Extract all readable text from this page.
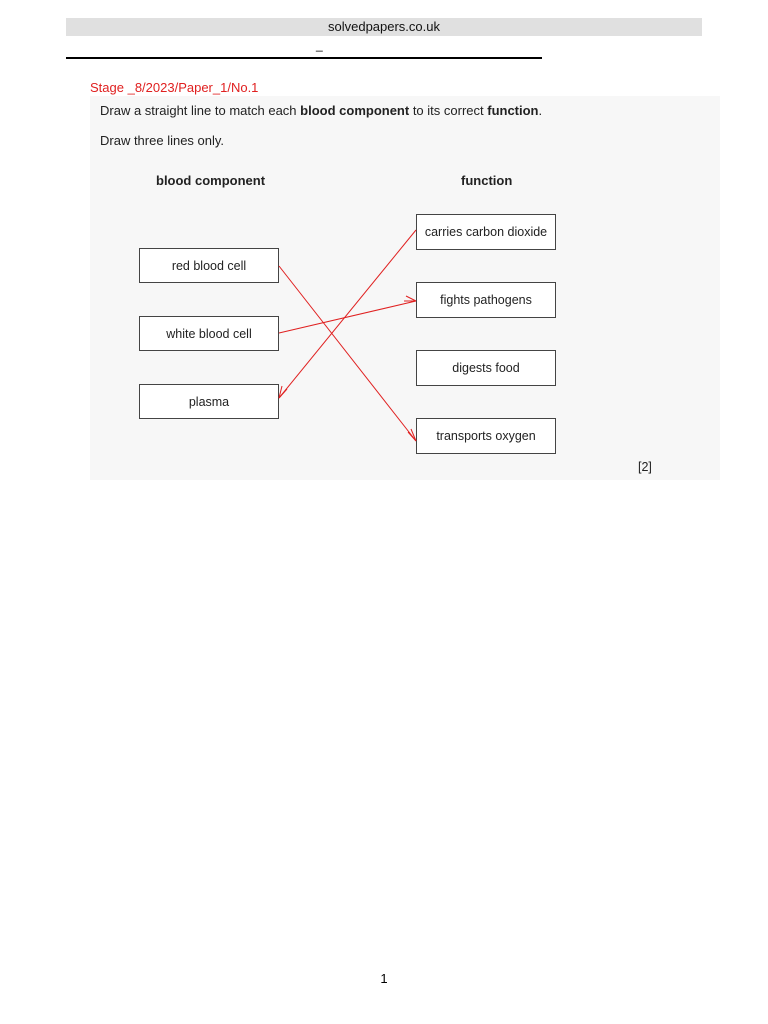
solvedpapers.co.uk
_
Stage _8/2023/Paper_1/No.1
Draw a straight line to match each blood component to its correct function.
Draw three lines only.
blood component	function
red blood cell
white blood cell
plasma
carries carbon dioxide
fights pathogens
digests food
transports oxygen
[2]
1
